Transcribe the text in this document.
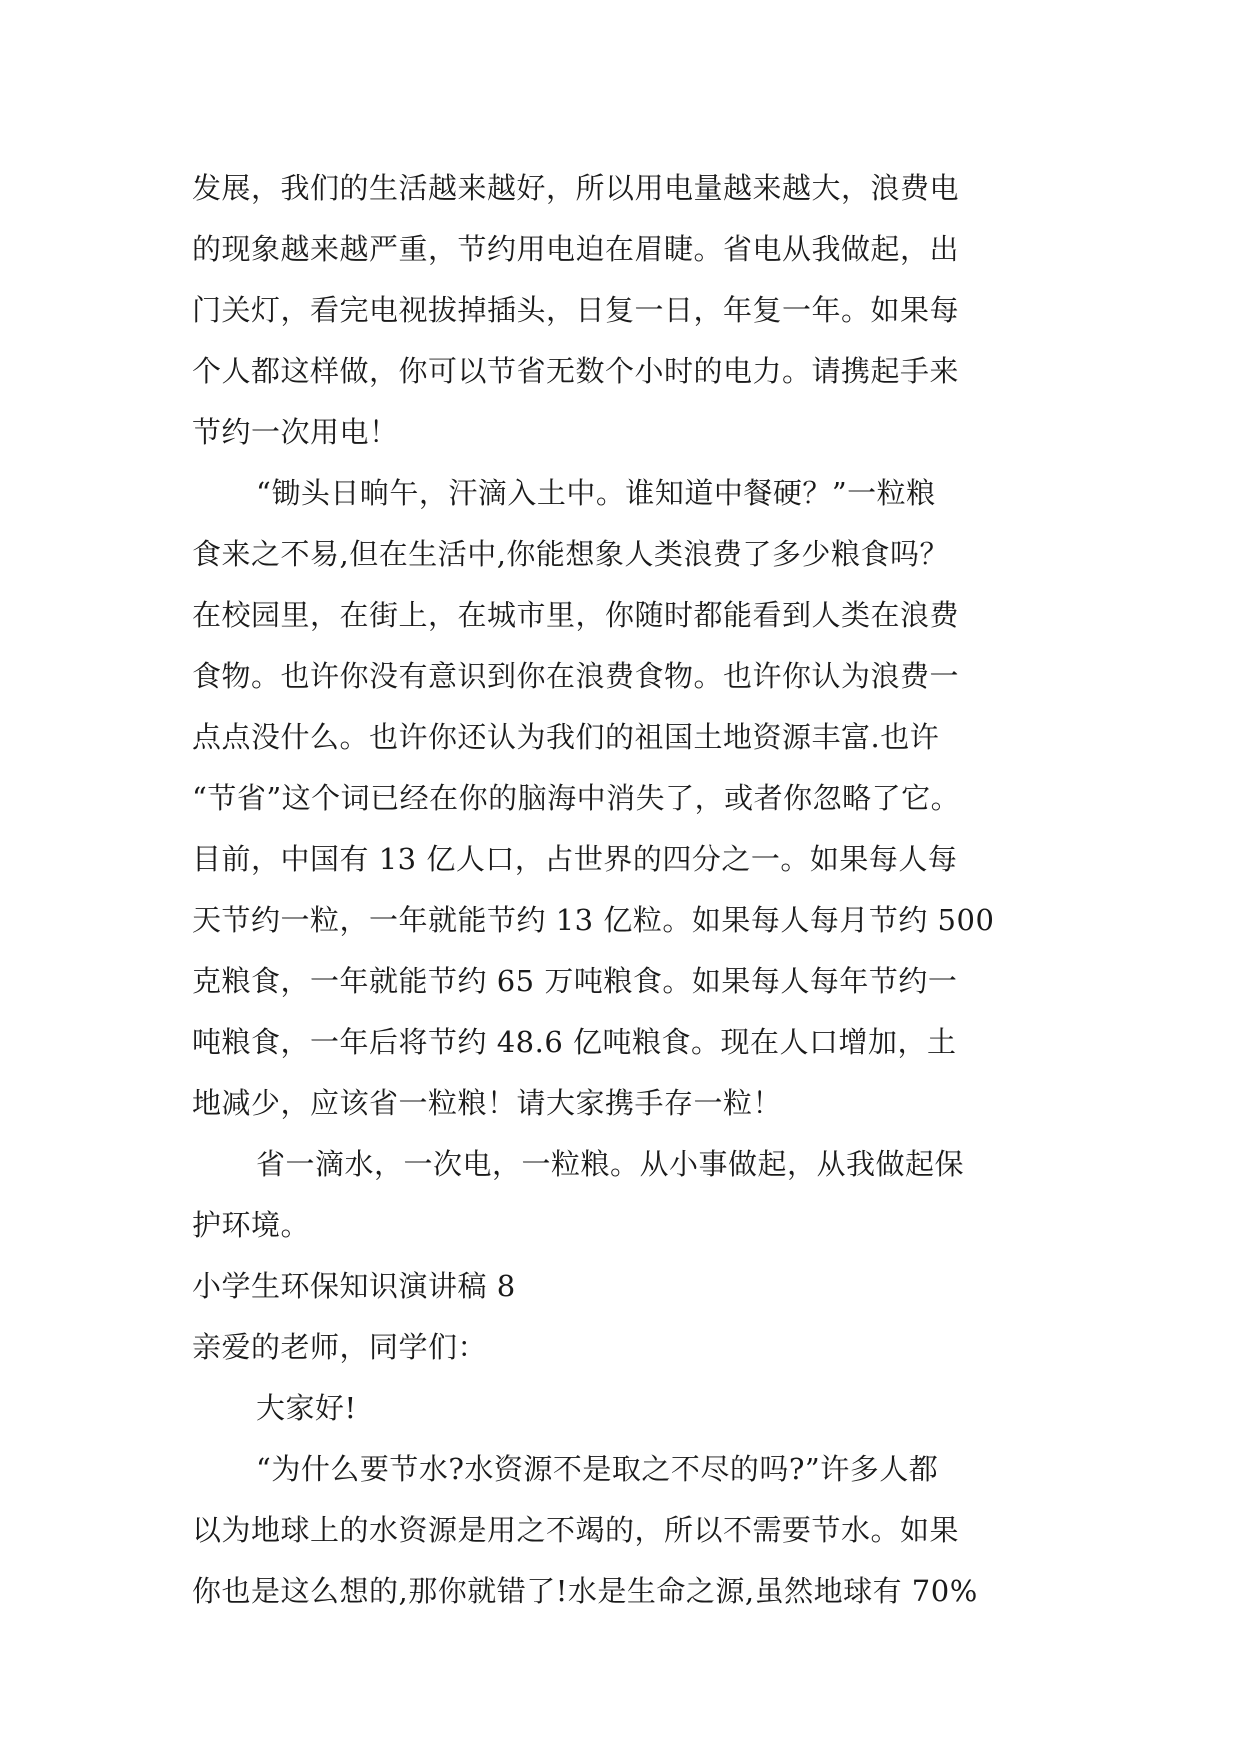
发展，我们的生活越来越好，所以用电量越来越大，浪费电
的现象越来越严重，节约用电迫在眉睫。省电从我做起，出
门关灯，看完电视拔掉插头，日复一日，年复一年。如果每
个人都这样做，你可以节省无数个小时的电力。请携起手来
节约一次用电！
“锄头日晌午，汗滴入土中。谁知道中餐硬？”一粒粮
食来之不易,但在生活中,你能想象人类浪费了多少粮食吗？
在校园里，在街上，在城市里，你随时都能看到人类在浪费
食物。也许你没有意识到你在浪费食物。也许你认为浪费一
点点没什么。也许你还认为我们的祖国土地资源丰富.也许
“节省”这个词已经在你的脑海中消失了，或者你忽略了它。
目前，中国有 13 亿人口，占世界的四分之一。如果每人每
天节约一粒，一年就能节约 13 亿粒。如果每人每月节约 500
克粮食，一年就能节约 65 万吨粮食。如果每人每年节约一
吨粮食，一年后将节约 48.6 亿吨粮食。现在人口增加，土
地减少，应该省一粒粮！请大家携手存一粒！
省一滴水，一次电，一粒粮。从小事做起，从我做起保
护环境。
小学生环保知识演讲稿 8
亲爱的老师，同学们：
大家好!
“为什么要节水?水资源不是取之不尽的吗?”许多人都
以为地球上的水资源是用之不竭的，所以不需要节水。如果
你也是这么想的,那你就错了!水是生命之源,虽然地球有 70%
